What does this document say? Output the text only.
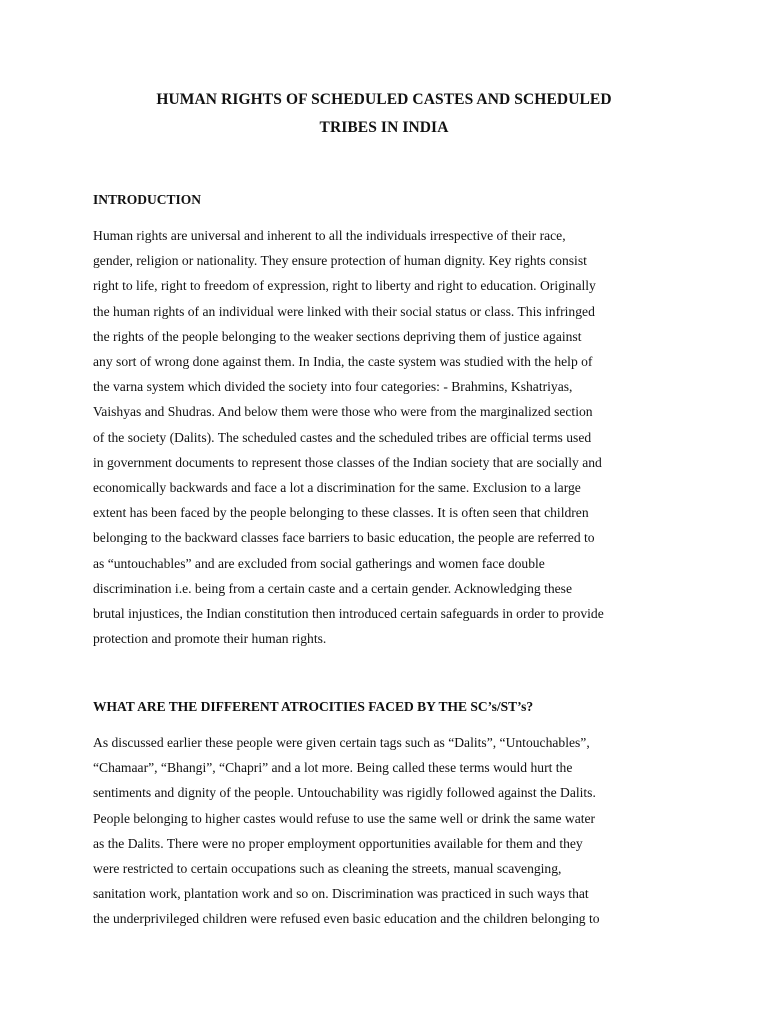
HUMAN RIGHTS OF SCHEDULED CASTES AND SCHEDULED
TRIBES IN INDIA
INTRODUCTION
Human rights are universal and inherent to all the individuals irrespective of their race,
gender, religion or nationality. They ensure protection of human dignity. Key rights consist
right to life, right to freedom of expression, right to liberty and right to education. Originally
the human rights of an individual were linked with their social status or class. This infringed
the rights of the people belonging to the weaker sections depriving them of justice against
any sort of wrong done against them. In India, the caste system was studied with the help of
the varna system which divided the society into four categories: - Brahmins, Kshatriyas,
Vaishyas and Shudras. And below them were those who were from the marginalized section
of the society (Dalits). The scheduled castes and the scheduled tribes are official terms used
in government documents to represent those classes of the Indian society that are socially and
economically backwards and face a lot a discrimination for the same. Exclusion to a large
extent has been faced by the people belonging to these classes. It is often seen that children
belonging to the backward classes face barriers to basic education, the people are referred to
as “untouchables” and are excluded from social gatherings and women face double
discrimination i.e. being from a certain caste and a certain gender. Acknowledging these
brutal injustices, the Indian constitution then introduced certain safeguards in order to provide
protection and promote their human rights.
WHAT ARE THE DIFFERENT ATROCITIES FACED BY THE SC’s/ST’s?
As discussed earlier these people were given certain tags such as “Dalits”, “Untouchables”,
“Chamaar”, “Bhangi”, “Chapri” and a lot more. Being called these terms would hurt the
sentiments and dignity of the people. Untouchability was rigidly followed against the Dalits.
People belonging to higher castes would refuse to use the same well or drink the same water
as the Dalits. There were no proper employment opportunities available for them and they
were restricted to certain occupations such as cleaning the streets, manual scavenging,
sanitation work, plantation work and so on. Discrimination was practiced in such ways that
the underprivileged children were refused even basic education and the children belonging to
